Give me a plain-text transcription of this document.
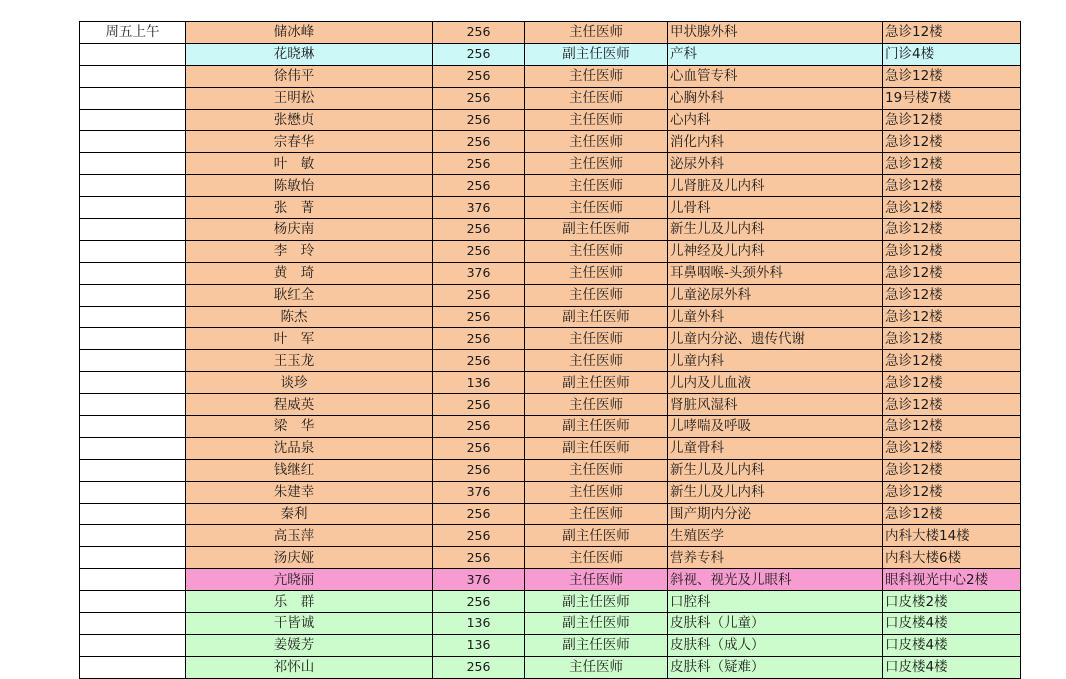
周五上午	储冰峰	256	主任医师	甲状腺外科	急诊12楼
	花晓琳	256	副主任医师	产科	门诊4楼
	徐伟平	256	主任医师	心血管专科	急诊12楼
	王明松	256	主任医师	心胸外科	19号楼7楼
	张懋贞	256	主任医师	心内科	急诊12楼
	宗春华	256	主任医师	消化内科	急诊12楼
	叶　敏	256	主任医师	泌尿外科	急诊12楼
	陈敏怡	256	主任医师	儿肾脏及儿内科	急诊12楼
	张　菁	376	主任医师	儿骨科	急诊12楼
	杨庆南	256	副主任医师	新生儿及儿内科	急诊12楼
	李　玲	256	主任医师	儿神经及儿内科	急诊12楼
	黄　琦	376	主任医师	耳鼻咽喉-头颈外科	急诊12楼
	耿红全	256	主任医师	儿童泌尿外科	急诊12楼
	陈杰	256	副主任医师	儿童外科	急诊12楼
	叶　军	256	主任医师	儿童内分泌、遗传代谢	急诊12楼
	王玉龙	256	主任医师	儿童内科	急诊12楼
	谈珍	136	副主任医师	儿内及儿血液	急诊12楼
	程威英	256	主任医师	肾脏风湿科	急诊12楼
	梁　华	256	副主任医师	儿哮喘及呼吸	急诊12楼
	沈品泉	256	副主任医师	儿童骨科	急诊12楼
	钱继红	256	主任医师	新生儿及儿内科	急诊12楼
	朱建幸	376	主任医师	新生儿及儿内科	急诊12楼
	秦利	256	主任医师	围产期内分泌	急诊12楼
	高玉萍	256	副主任医师	生殖医学	内科大楼14楼
	汤庆娅	256	主任医师	营养专科	内科大楼6楼
	亢晓丽	376	主任医师	斜视、视光及儿眼科	眼科视光中心2楼
	乐　群	256	副主任医师	口腔科	口皮楼2楼
	干皆诚	136	副主任医师	皮肤科（儿童）	口皮楼4楼
	姜媛芳	136	副主任医师	皮肤科（成人）	口皮楼4楼
	祁怀山	256	主任医师	皮肤科（疑难）	口皮楼4楼
